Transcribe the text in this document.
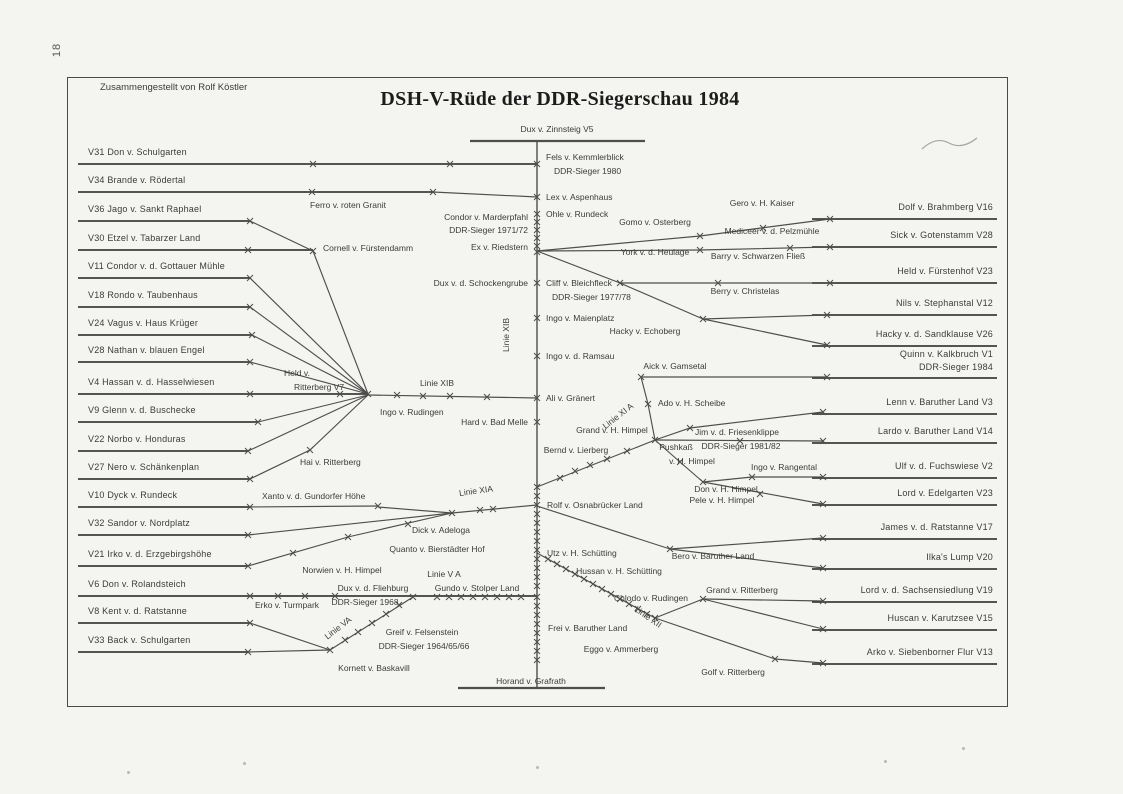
18
Zusammengestellt von Rolf Köstler
DSH-V-Rüde der DDR-Siegerschau 1984
V31 Don v. Schulgarten
V34 Brande v. Rödertal
V36 Jago v. Sankt Raphael
V30 Etzel v. Tabarzer Land
V11 Condor v. d. Gottauer Mühle
V18 Rondo v. Taubenhaus
V24 Vagus v. Haus Krüger
V28 Nathan v. blauen Engel
V4 Hassan v. d. Hasselwiesen
V9 Glenn v. d. Buschecke
V22 Norbo v. Honduras
V27 Nero v. Schänkenplan
V10 Dyck v. Rundeck
V32 Sandor v. Nordplatz
V21 Irko v. d. Erzgebirgshöhe
V6 Don v. Rolandsteich
V8 Kent v. d. Ratstanne
V33 Back v. Schulgarten
Dolf v. Brahmberg V16
Sick v. Gotenstamm V28
Held v. Fürstenhof V23
Nils v. Stephanstal V12
Hacky v. d. Sandklause V26
Quinn v. Kalkbruch V1
DDR-Sieger 1984
Lenn v. Baruther Land V3
Lardo v. Baruther Land V14
Ulf v. d. Fuchswiese V2
Lord v. Edelgarten V23
James v. d. Ratstanne V17
Ilka's Lump V20
Lord v. d. Sachsensiedlung V19
Huscan v. Karutzsee V15
Arko v. Siebenborner Flur V13
Dux v. Zinnsteig V5
Horand v. Grafrath
Ferro v. roten Granit
Cornell v. Fürstendamm
Held v.
Ritterberg V7
Ingo v. Rudingen
Linie XIB
Linie XIB
Hard v. Bad Melle
Hai v. Ritterberg
Xanto v. d. Gundorfer Höhe	Linie XIA
Dick v. Adeloga
Quanto v. Bierstädter Hof
Norwien v. H. Himpel	Linie V A
Gundo v. Stolper Land
Dux v. d. Fliehburg
DDR-Sieger 1968
Erko v. Turmpark
Linie VA	Greif v. Felsenstein
DDR-Sieger 1964/65/66
Kornett v. Baskavill
Fels v. Kemmlerblick
DDR-Sieger 1980
Lex v. Aspenhaus
Ohle v. Rundeck
Condor v. Marderpfahl
DDR-Sieger 1971/72
Ex v. Riedstern
Gomo v. Osterberg
York v. d. Heulage
Gero v. H. Kaiser
Mediceer v. d. Pelzmühle
Barry v. Schwarzen Fließ
Dux v. d. Schockengrube Cliff v. Bleichfleck
DDR-Sieger 1977/78
Berry v. Christelas
Ingo v. Maienplatz
Hacky v. Echoberg
Ingo v. d. Ramsau
Aick v. Gamsetal
Ali v. Gränert
Linie XI A	Ado v. H. Scheibe
Grand v. H. Himpel	Jim v. d. Friesenklippe
DDR-Sieger 1981/82
Pushkaß
v. H. Himpel
Bernd v. Lierberg
Ingo v. Rangental
Don v. H. Himpel
Pele v. H. Himpel
Rolf v. Osnabrücker Land
Utz v. H. Schütting
Hussan v. H. Schütting
Bero v. Baruther Land
Chlodo v. Rudingen
Linie XII
Grand v. Ritterberg
Frei v. Baruther Land
Eggo v. Ammerberg
Golf v. Ritterberg
